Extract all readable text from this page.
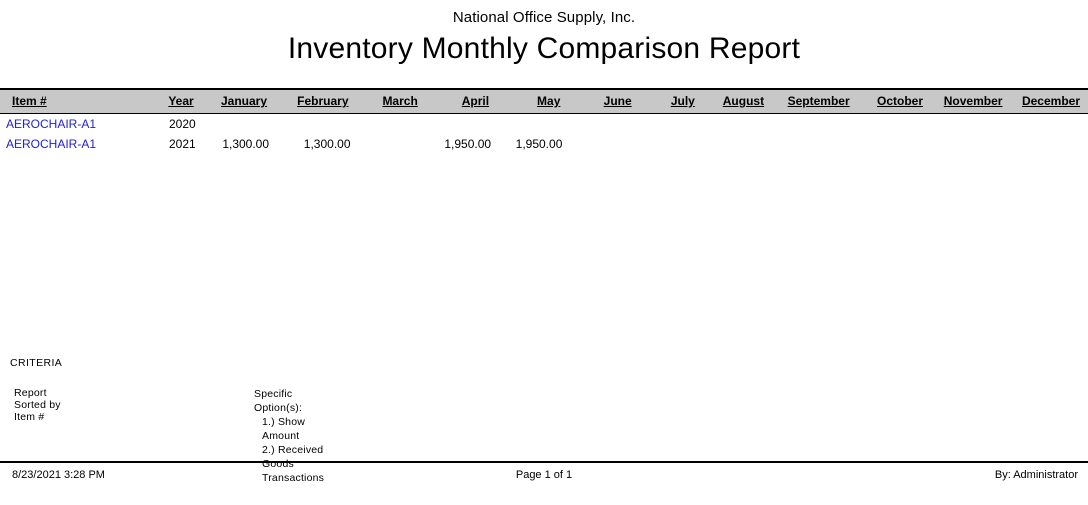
National Office Supply, Inc.
Inventory Monthly Comparison Report
Item #	Year	January	February	March	April	May	June	July	August	September	October	November	December
AEROCHAIR-A1	2020												
AEROCHAIR-A1	2021	1,300.00	1,300.00		1,950.00	1,950.00							
CRITERIA
Report Sorted by Item #
Specific Option(s):
1.) Show Amount
2.) Received Goods Transactions
8/23/2021 3:28 PM	Page 1 of 1	By: Administrator
